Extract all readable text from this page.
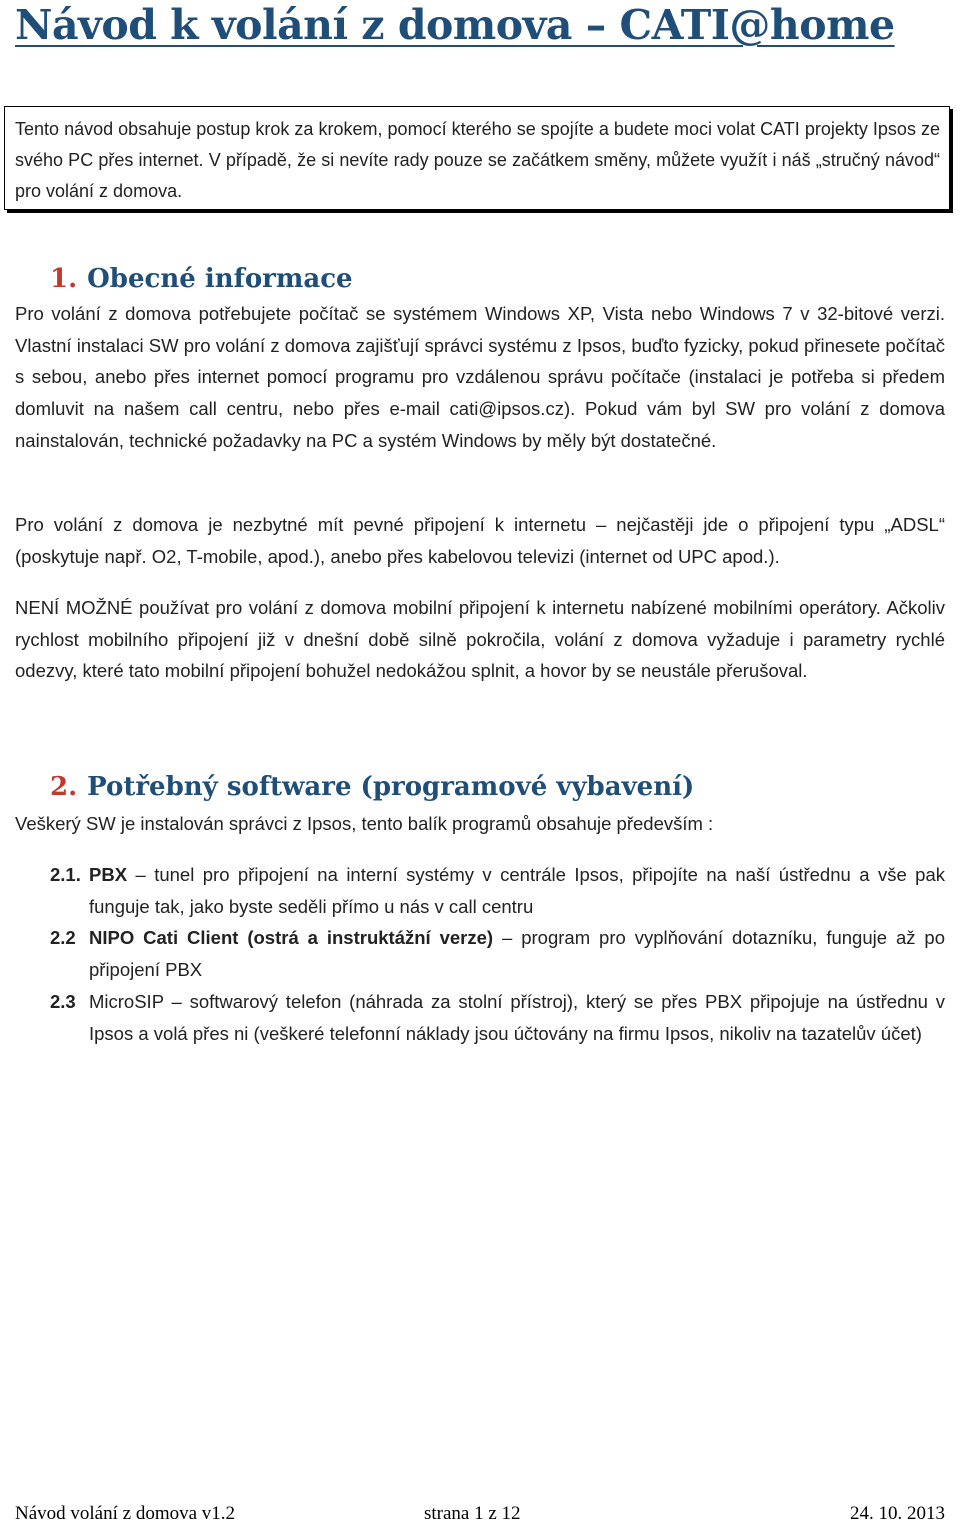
Návod k volání z domova – CATI@home
Tento návod obsahuje postup krok za krokem, pomocí kterého se spojíte a budete moci volat CATI projekty Ipsos ze svého PC přes internet. V případě, že si nevíte rady pouze se začátkem směny, můžete využít i náš „stručný návod“ pro volání z domova.
1. Obecné informace

Pro volání z domova potřebujete počítač se systémem Windows XP, Vista nebo Windows 7 v 32-bitové verzi. Vlastní instalaci SW pro volání z domova zajišťují správci systému z Ipsos, buďto fyzicky, pokud přinesete počítač s sebou, anebo přes internet pomocí programu pro vzdálenou správu počítače (instalaci je potřeba si předem domluvit na našem call centru, nebo přes e-mail cati@ipsos.cz). Pokud vám byl SW pro volání z domova nainstalován, technické požadavky na PC a systém Windows by měly být dostatečné.

Pro volání z domova je nezbytné mít pevné připojení k internetu – nejčastěji jde o připojení typu „ADSL“ (poskytuje např. O2, T-mobile, apod.), anebo přes kabelovou televizi (internet od UPC apod.).

NENÍ MOŽNÉ používat pro volání z domova mobilní připojení k internetu nabízené mobilními operátory. Ačkoliv rychlost mobilního připojení již v dnešní době silně pokročila, volání z domova vyžaduje i parametry rychlé odezvy, které tato mobilní připojení bohužel nedokážou splnit, a hovor by se neustále přerušoval.

2. Potřebný software (programové vybavení)

Veškerý SW je instalován správci z Ipsos, tento balík programů obsahuje především :

2.1. PBX – tunel pro připojení na interní systémy v centrále Ipsos, připojíte na naší ústřednu a vše pak funguje tak, jako byste seděli přímo u nás v call centru
2.2 NIPO Cati Client (ostrá a instruktážní verze) – program pro vyplňování dotazníku, funguje až po připojení PBX
2.3 MicroSIP – softwarový telefon (náhrada za stolní přístroj), který se přes PBX připojuje na ústřednu v Ipsos a volá přes ni (veškeré telefonní náklady jsou účtovány na firmu Ipsos, nikoliv na tazatelův účet)
Návod volání z domova v1.2	strana 1 z 12	24. 10. 2013
